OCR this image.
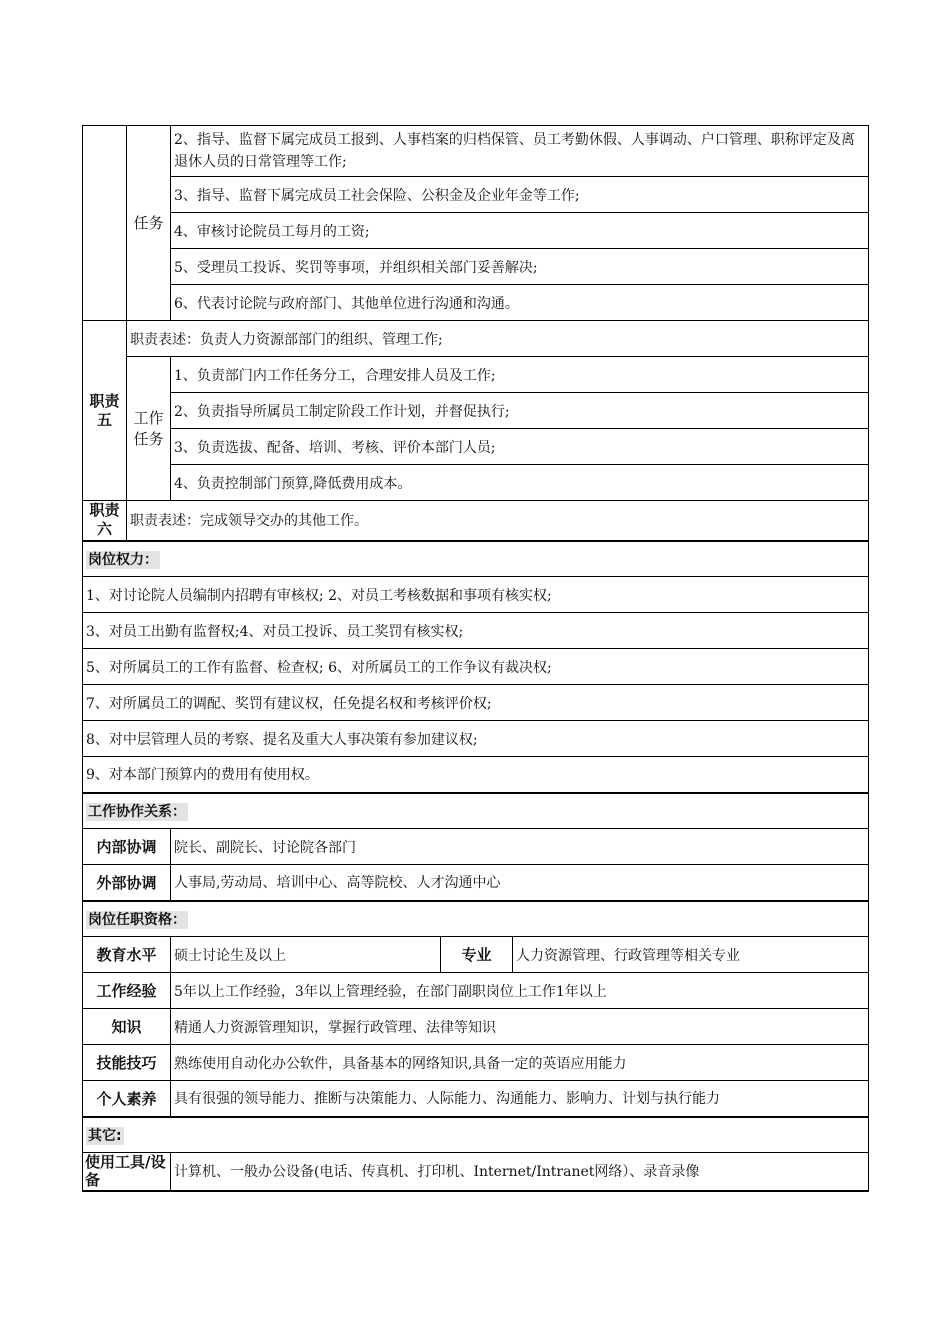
	任务	2、指导、监督下属完成员工报到、人事档案的归档保管、员工考勤休假、人事调动、户口管理、职称评定及离退休人员的日常管理等工作;		
		3、指导、监督下属完成员工社会保险、公积金及企业年金等工作;		
		4、审核讨论院员工每月的工资;		
		5、受理员工投诉、奖罚等事项，并组织相关部门妥善解决;		
		6、代表讨论院与政府部门、其他单位进行沟通和沟通。		
职责五	职责表述：负责人力资源部部门的组织、管理工作;			
	工作任务	1、负责部门内工作任务分工，合理安排人员及工作;		
		2、负责指导所属员工制定阶段工作计划，并督促执行;		
		3、负责选拔、配备、培训、考核、评价本部门人员;		
		4、负责控制部门预算,降低费用成本。		
职责六	职责表述：完成领导交办的其他工作。			
岗位权力：				
1、对讨论院人员编制内招聘有审核权; 2、对员工考核数据和事项有核实权;				
3、对员工出勤有监督权;4、对员工投诉、员工奖罚有核实权;				
5、对所属员工的工作有监督、检查权; 6、对所属员工的工作争议有裁决权;				
7、对所属员工的调配、奖罚有建议权，任免提名权和考核评价权;				
8、对中层管理人员的考察、提名及重大人事决策有参加建议权;				
9、对本部门预算内的费用有使用权。				
工作协作关系：				
内部协调		院长、副院长、讨论院各部门		
外部协调		人事局,劳动局、培训中心、高等院校、人才沟通中心		
岗位任职资格：				
教育水平		硕士讨论生及以上	专业	人力资源管理、行政管理等相关专业
工作经验		5年以上工作经验，3年以上管理经验，在部门副职岗位上工作1年以上		
知识		精通人力资源管理知识，掌握行政管理、法律等知识		
技能技巧		熟练使用自动化办公软件，具备基本的网络知识,具备一定的英语应用能力		
个人素养		具有很强的领导能力、推断与决策能力、人际能力、沟通能力、影响力、计划与执行能力		
其它:				
使用工具/设备		计算机、一般办公设备(电话、传真机、打印机、Internet/Intranet网络）、录音录像		
